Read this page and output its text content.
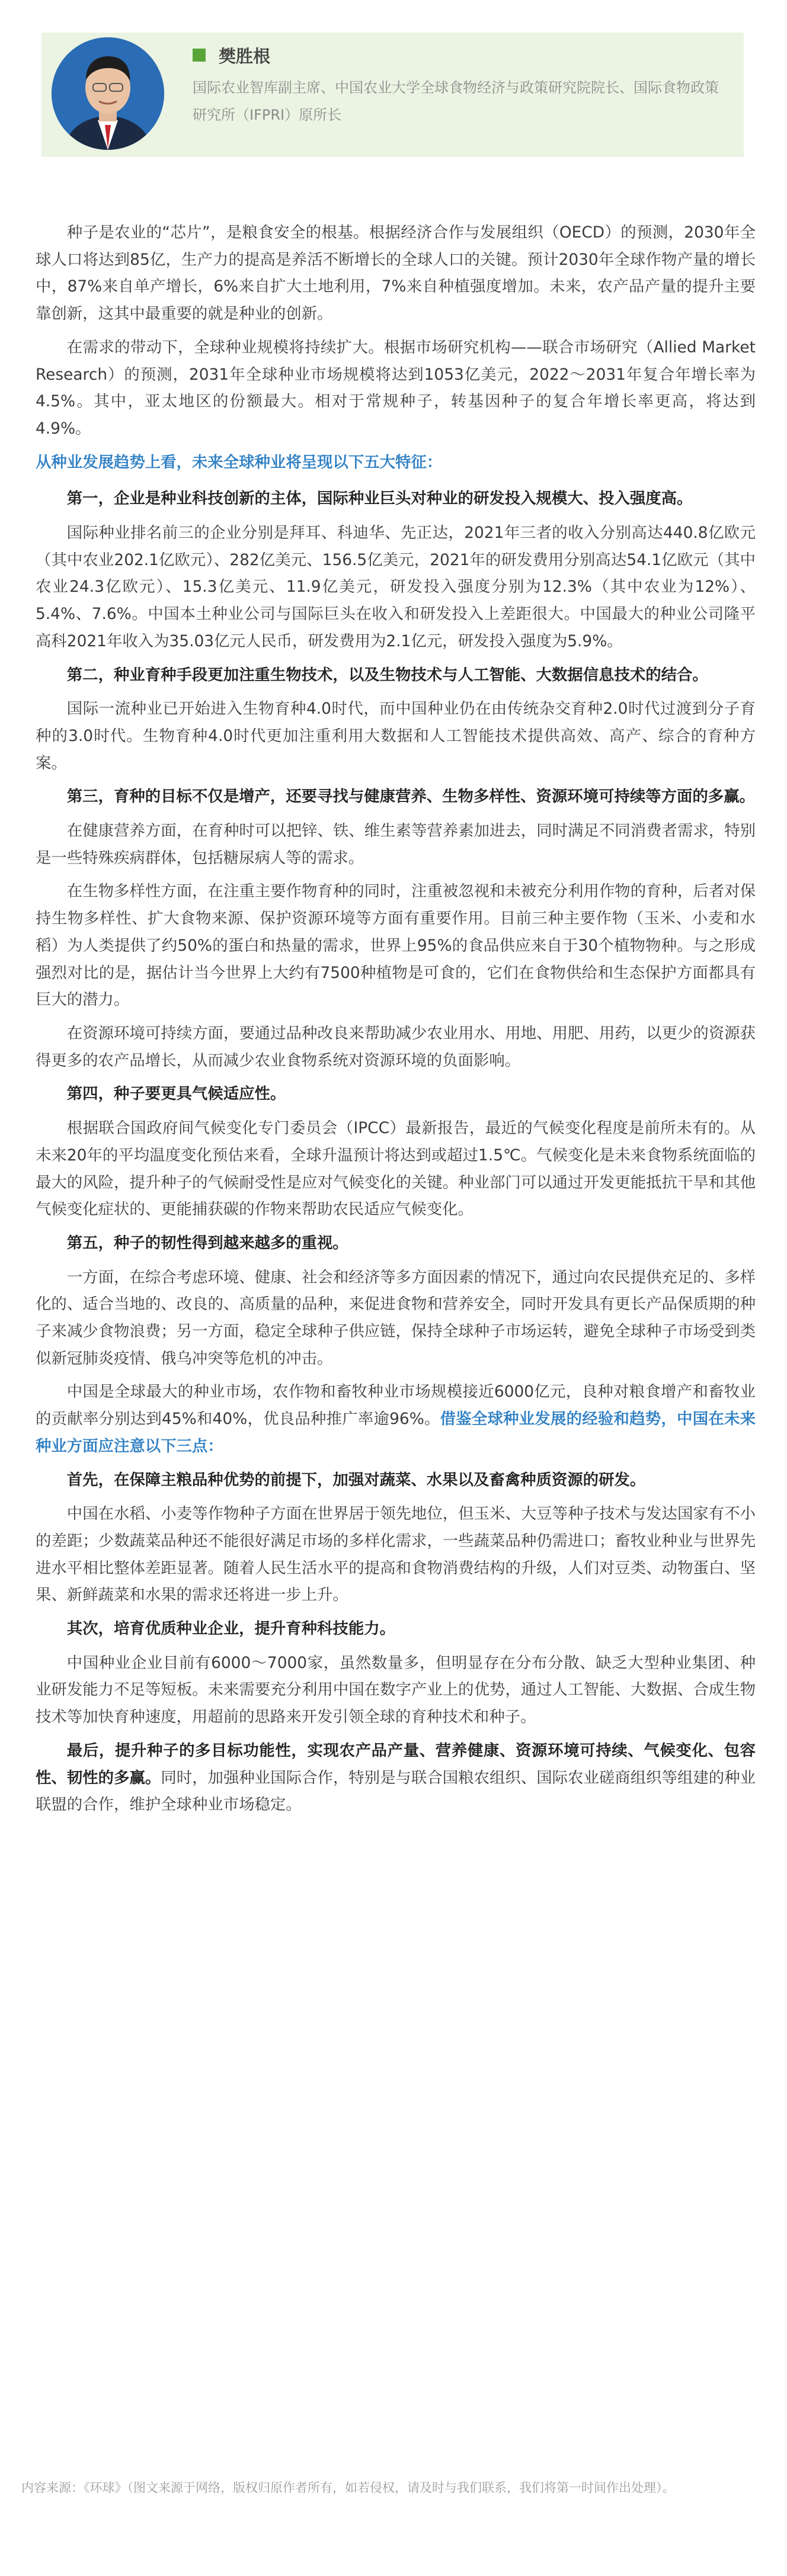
樊胜根
国际农业智库副主席、中国农业大学全球食物经济与政策研究院院长、国际食物政策研究所（IFPRI）原所长

种子是农业的“芯片”，是粮食安全的根基。根据经济合作与发展组织（OECD）的预测，2030年全球人口将达到85亿，生产力的提高是养活不断增长的全球人口的关键。预计2030年全球作物产量的增长中，87%来自单产增长，6%来自扩大土地利用，7%来自种植强度增加。未来，农产品产量的提升主要靠创新，这其中最重要的就是种业的创新。

在需求的带动下，全球种业规模将持续扩大。根据市场研究机构——联合市场研究（Allied Market Research）的预测，2031年全球种业市场规模将达到1053亿美元，2022～2031年复合年增长率为4.5%。其中，亚太地区的份额最大。相对于常规种子，转基因种子的复合年增长率更高，将达到4.9%。

从种业发展趋势上看，未来全球种业将呈现以下五大特征：

第一，企业是种业科技创新的主体，国际种业巨头对种业的研发投入规模大、投入强度高。

国际种业排名前三的企业分别是拜耳、科迪华、先正达，2021年三者的收入分别高达440.8亿欧元（其中农业202.1亿欧元）、282亿美元、156.5亿美元，2021年的研发费用分别高达54.1亿欧元（其中农业24.3亿欧元）、15.3亿美元、11.9亿美元，研发投入强度分别为12.3%（其中农业为12%）、5.4%、7.6%。中国本土种业公司与国际巨头在收入和研发投入上差距很大。中国最大的种业公司隆平高科2021年收入为35.03亿元人民币，研发费用为2.1亿元，研发投入强度为5.9%。

第二，种业育种手段更加注重生物技术，以及生物技术与人工智能、大数据信息技术的结合。

国际一流种业已开始进入生物育种4.0时代，而中国种业仍在由传统杂交育种2.0时代过渡到分子育种的3.0时代。生物育种4.0时代更加注重利用大数据和人工智能技术提供高效、高产、综合的育种方案。

第三，育种的目标不仅是增产，还要寻找与健康营养、生物多样性、资源环境可持续等方面的多赢。

在健康营养方面，在育种时可以把锌、铁、维生素等营养素加进去，同时满足不同消费者需求，特别是一些特殊疾病群体，包括糖尿病人等的需求。

在生物多样性方面，在注重主要作物育种的同时，注重被忽视和未被充分利用作物的育种，后者对保持生物多样性、扩大食物来源、保护资源环境等方面有重要作用。目前三种主要作物（玉米、小麦和水稻）为人类提供了约50%的蛋白和热量的需求，世界上95%的食品供应来自于30个植物物种。与之形成强烈对比的是，据估计当今世界上大约有7500种植物是可食的，它们在食物供给和生态保护方面都具有巨大的潜力。

在资源环境可持续方面，要通过品种改良来帮助减少农业用水、用地、用肥、用药，以更少的资源获得更多的农产品增长，从而减少农业食物系统对资源环境的负面影响。

第四，种子要更具气候适应性。

根据联合国政府间气候变化专门委员会（IPCC）最新报告，最近的气候变化程度是前所未有的。从未来20年的平均温度变化预估来看，全球升温预计将达到或超过1.5℃。气候变化是未来食物系统面临的最大的风险，提升种子的气候耐受性是应对气候变化的关键。种业部门可以通过开发更能抵抗干旱和其他气候变化症状的、更能捕获碳的作物来帮助农民适应气候变化。

第五，种子的韧性得到越来越多的重视。

一方面，在综合考虑环境、健康、社会和经济等多方面因素的情况下，通过向农民提供充足的、多样化的、适合当地的、改良的、高质量的品种，来促进食物和营养安全，同时开发具有更长产品保质期的种子来减少食物浪费；另一方面，稳定全球种子供应链，保持全球种子市场运转，避免全球种子市场受到类似新冠肺炎疫情、俄乌冲突等危机的冲击。

中国是全球最大的种业市场，农作物和畜牧种业市场规模接近6000亿元，良种对粮食增产和畜牧业的贡献率分别达到45%和40%，优良品种推广率逾96%。借鉴全球种业发展的经验和趋势，中国在未来种业方面应注意以下三点：

首先，在保障主粮品种优势的前提下，加强对蔬菜、水果以及畜禽种质资源的研发。

中国在水稻、小麦等作物种子方面在世界居于领先地位，但玉米、大豆等种子技术与发达国家有不小的差距；少数蔬菜品种还不能很好满足市场的多样化需求，一些蔬菜品种仍需进口；畜牧业种业与世界先进水平相比整体差距显著。随着人民生活水平的提高和食物消费结构的升级，人们对豆类、动物蛋白、坚果、新鲜蔬菜和水果的需求还将进一步上升。

其次，培育优质种业企业，提升育种科技能力。

中国种业企业目前有6000～7000家，虽然数量多，但明显存在分布分散、缺乏大型种业集团、种业研发能力不足等短板。未来需要充分利用中国在数字产业上的优势，通过人工智能、大数据、合成生物技术等加快育种速度，用超前的思路来开发引领全球的育种技术和种子。

最后，提升种子的多目标功能性，实现农产品产量、营养健康、资源环境可持续、气候变化、包容性、韧性的多赢。同时，加强种业国际合作，特别是与联合国粮农组织、国际农业磋商组织等组建的种业联盟的合作，维护全球种业市场稳定。

内容来源：《环球》（图文来源于网络，版权归原作者所有，如若侵权，请及时与我们联系，我们将第一时间作出处理）。
